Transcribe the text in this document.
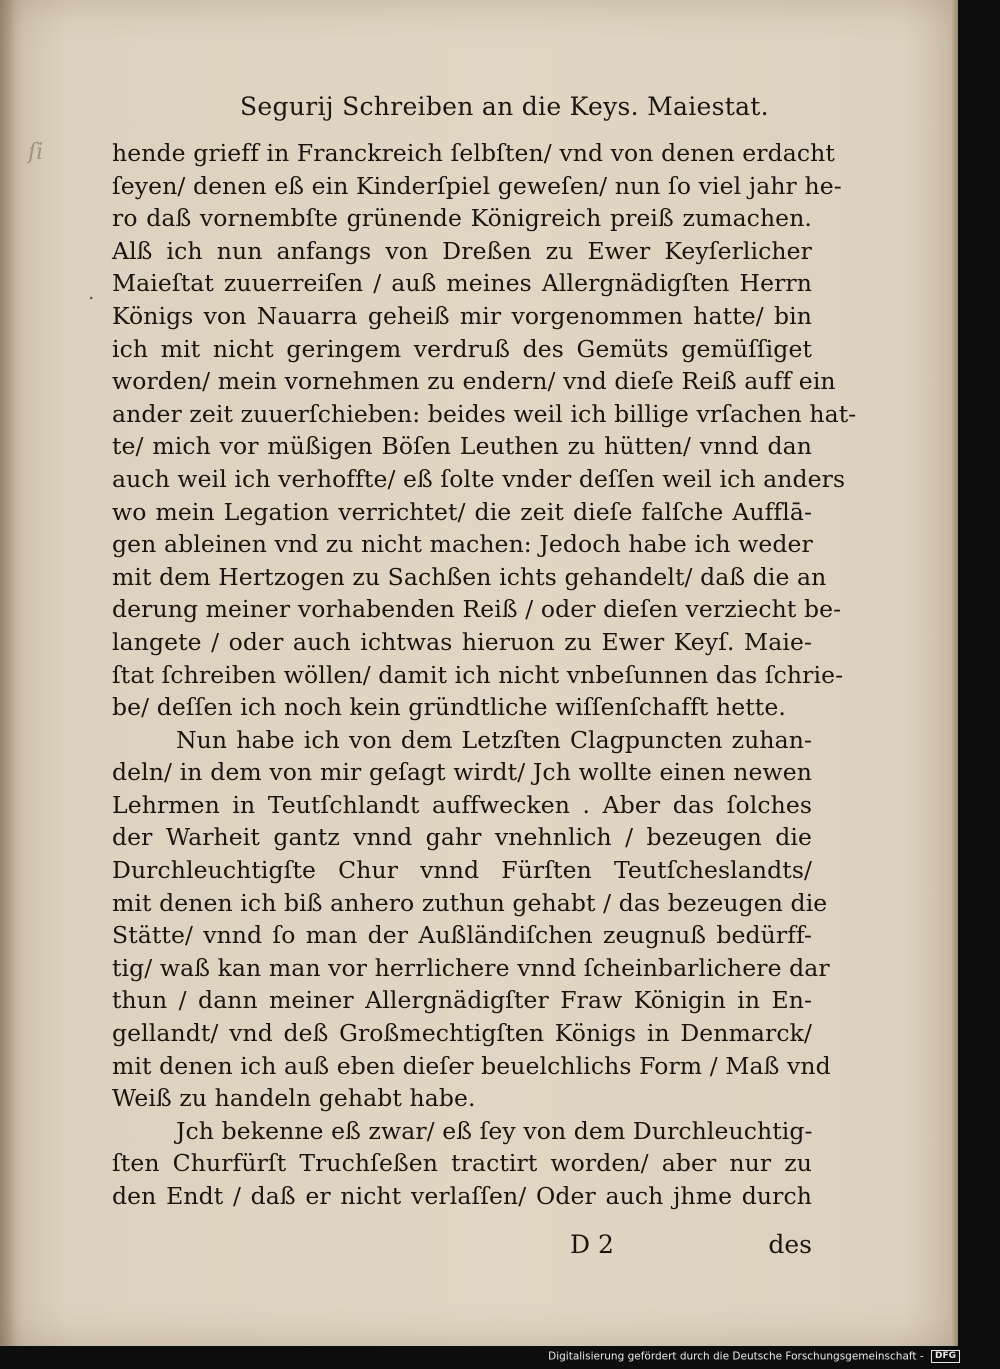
ſi
.
Segurij Schreiben an die Keys. Maiestat.
hende grieff in Franckreich ſelbſten/ vnd von denen erdacht
ſeyen/ denen eß ein Kinderſpiel geweſen/ nun ſo viel jahr he-
ro daß vornembſte grünende Königreich preiß zumachen.
Alß ich nun anfangs von Dreßen zu Ewer Keyſerlicher
Maieſtat zuuerreiſen / auß meines Allergnädigſten Herrn
Königs von Nauarra geheiß mir vorgenommen hatte/ bin
ich mit nicht geringem verdruß des Gemüts gemüſſiget
worden/ mein vornehmen zu endern/ vnd dieſe Reiß auff ein
ander zeit zuuerſchieben: beides weil ich billige vrſachen hat-
te/ mich vor müßigen Böſen Leuthen zu hütten/ vnnd dan
auch weil ich verhoffte/ eß ſolte vnder deſſen weil ich anders
wo mein Legation verrichtet/ die zeit dieſe falſche Aufflā-
gen ableinen vnd zu nicht machen: Jedoch habe ich weder
mit dem Hertzogen zu Sachßen ichts gehandelt/ daß die an
derung meiner vorhabenden Reiß / oder dieſen verziecht be-
langete / oder auch ichtwas hieruon zu Ewer Keyſ. Maie-
ſtat ſchreiben wöllen/ damit ich nicht vnbeſunnen das ſchrie-
be/ deſſen ich noch kein gründtliche wiſſenſchafft hette.
Nun habe ich von dem Letzſten Clagpuncten zuhan-
deln/ in dem von mir geſagt wirdt/ Jch wollte einen newen
Lehrmen in Teutſchlandt auffwecken . Aber das ſolches
der Warheit gantz vnnd gahr vnehnlich / bezeugen die
Durchleuchtigſte Chur vnnd Fürſten Teutſcheslandts/
mit denen ich biß anhero zuthun gehabt / das bezeugen die
Stätte/ vnnd ſo man der Außländiſchen zeugnuß bedürff-
tig/ waß kan man vor herrlichere vnnd ſcheinbarlichere dar
thun / dann meiner Allergnädigſter Fraw Königin in En-
gellandt/ vnd deß Großmechtigſten Königs in Denmarck/
mit denen ich auß eben dieſer beuelchlichs Form / Maß vnd
Weiß zu handeln gehabt habe.
Jch bekenne eß zwar/ eß ſey von dem Durchleuchtig-
ſten Churfürſt Truchſeßen tractirt worden/ aber nur zu
den Endt / daß er nicht verlaſſen/ Oder auch jhme durch
D 2	des
Digitalisierung gefördert durch die Deutsche Forschungsgemeinschaft - DFG
